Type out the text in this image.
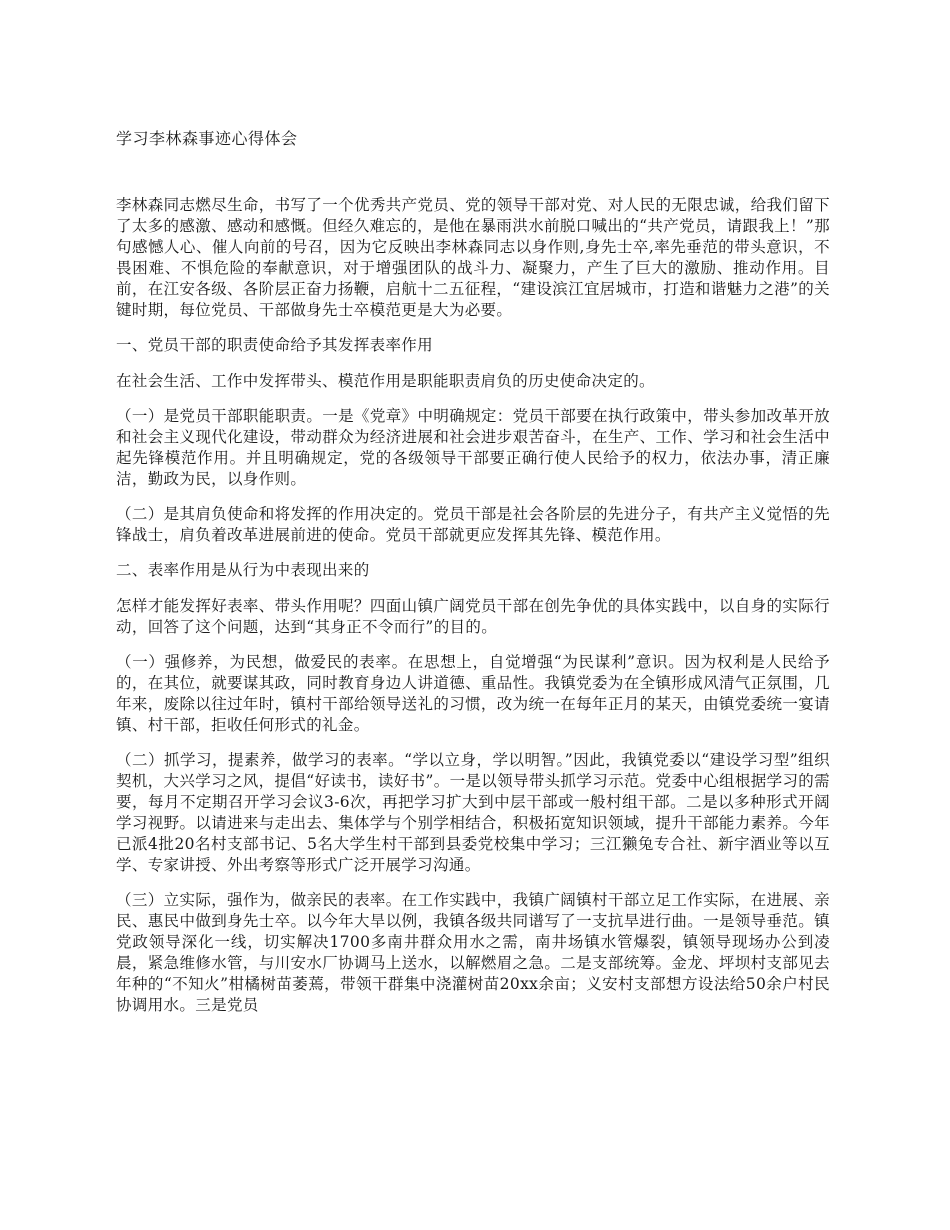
学习李林森事迹心得体会

李林森同志燃尽生命，书写了一个优秀共产党员、党的领导干部对党、对人民的无限忠诚，给我们留下了太多的感激、感动和感慨。但经久难忘的，是他在暴雨洪水前脱口喊出的“共产党员，请跟我上！”那句感憾人心、催人向前的号召，因为它反映出李林森同志以身作则,身先士卒,率先垂范的带头意识，不畏困难、不惧危险的奉献意识，对于增强团队的战斗力、凝聚力，产生了巨大的激励、推动作用。目前，在江安各级、各阶层正奋力扬鞭，启航十二五征程，“建设滨江宜居城市，打造和谐魅力之港”的关键时期，每位党员、干部做身先士卒模范更是大为必要。

一、党员干部的职责使命给予其发挥表率作用

在社会生活、工作中发挥带头、模范作用是职能职责肩负的历史使命决定的。

（一）是党员干部职能职责。一是《党章》中明确规定：党员干部要在执行政策中，带头参加改革开放和社会主义现代化建设，带动群众为经济进展和社会进步艰苦奋斗，在生产、工作、学习和社会生活中起先锋模范作用。并且明确规定，党的各级领导干部要正确行使人民给予的权力，依法办事，清正廉洁，勤政为民，以身作则。

（二）是其肩负使命和将发挥的作用决定的。党员干部是社会各阶层的先进分子，有共产主义觉悟的先锋战士，肩负着改革进展前进的使命。党员干部就更应发挥其先锋、模范作用。

二、表率作用是从行为中表现出来的

怎样才能发挥好表率、带头作用呢？四面山镇广阔党员干部在创先争优的具体实践中，以自身的实际行动，回答了这个问题，达到“其身正不令而行”的目的。

（一）强修养，为民想，做爱民的表率。在思想上，自觉增强“为民谋利”意识。因为权利是人民给予的，在其位，就要谋其政，同时教育身边人讲道德、重品性。我镇党委为在全镇形成风清气正氛围，几年来，废除以往过年时，镇村干部给领导送礼的习惯，改为统一在每年正月的某天，由镇党委统一宴请镇、村干部，拒收任何形式的礼金。

（二）抓学习，提素养，做学习的表率。“学以立身，学以明智。”因此，我镇党委以“建设学习型”组织契机，大兴学习之风，提倡“好读书，读好书”。一是以领导带头抓学习示范。党委中心组根据学习的需要，每月不定期召开学习会议3-6次，再把学习扩大到中层干部或一般村组干部。二是以多种形式开阔学习视野。以请进来与走出去、集体学与个别学相结合，积极拓宽知识领域，提升干部能力素养。今年已派4批20名村支部书记、5名大学生村干部到县委党校集中学习；三江獭兔专合社、新宇酒业等以互学、专家讲授、外出考察等形式广泛开展学习沟通。

（三）立实际，强作为，做亲民的表率。在工作实践中，我镇广阔镇村干部立足工作实际，在进展、亲民、惠民中做到身先士卒。以今年大旱以例，我镇各级共同谱写了一支抗旱进行曲。一是领导垂范。镇党政领导深化一线，切实解决1700多南井群众用水之需，南井场镇水管爆裂，镇领导现场办公到凌晨，紧急维修水管，与川安水厂协调马上送水，以解燃眉之急。二是支部统筹。金龙、坪坝村支部见去年种的“不知火”柑橘树苗萎蔫，带领干群集中浇灌树苗20xx余亩；义安村支部想方设法给50余户村民协调用水。三是党员
